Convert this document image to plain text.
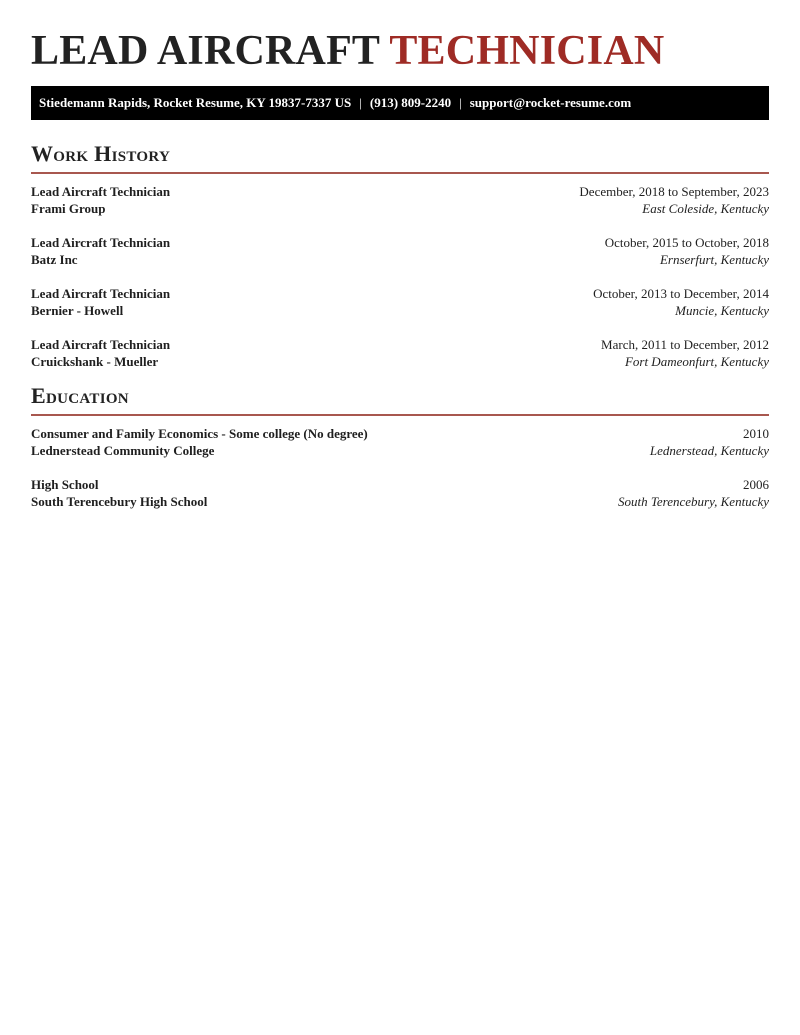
LEAD AIRCRAFT TECHNICIAN
Stiedemann Rapids, Rocket Resume, KY 19837-7337 US | (913) 809-2240 | support@rocket-resume.com
Work History
Lead Aircraft Technician	December, 2018 to September, 2023
Frami Group	East Coleside, Kentucky
Lead Aircraft Technician	October, 2015 to October, 2018
Batz Inc	Ernserfurt, Kentucky
Lead Aircraft Technician	October, 2013 to December, 2014
Bernier - Howell	Muncie, Kentucky
Lead Aircraft Technician	March, 2011 to December, 2012
Cruickshank - Mueller	Fort Dameonfurt, Kentucky
Education
Consumer and Family Economics - Some college (No degree)	2010
Lednerstead Community College	Lednerstead, Kentucky
High School	2006
South Terencebury High School	South Terencebury, Kentucky
